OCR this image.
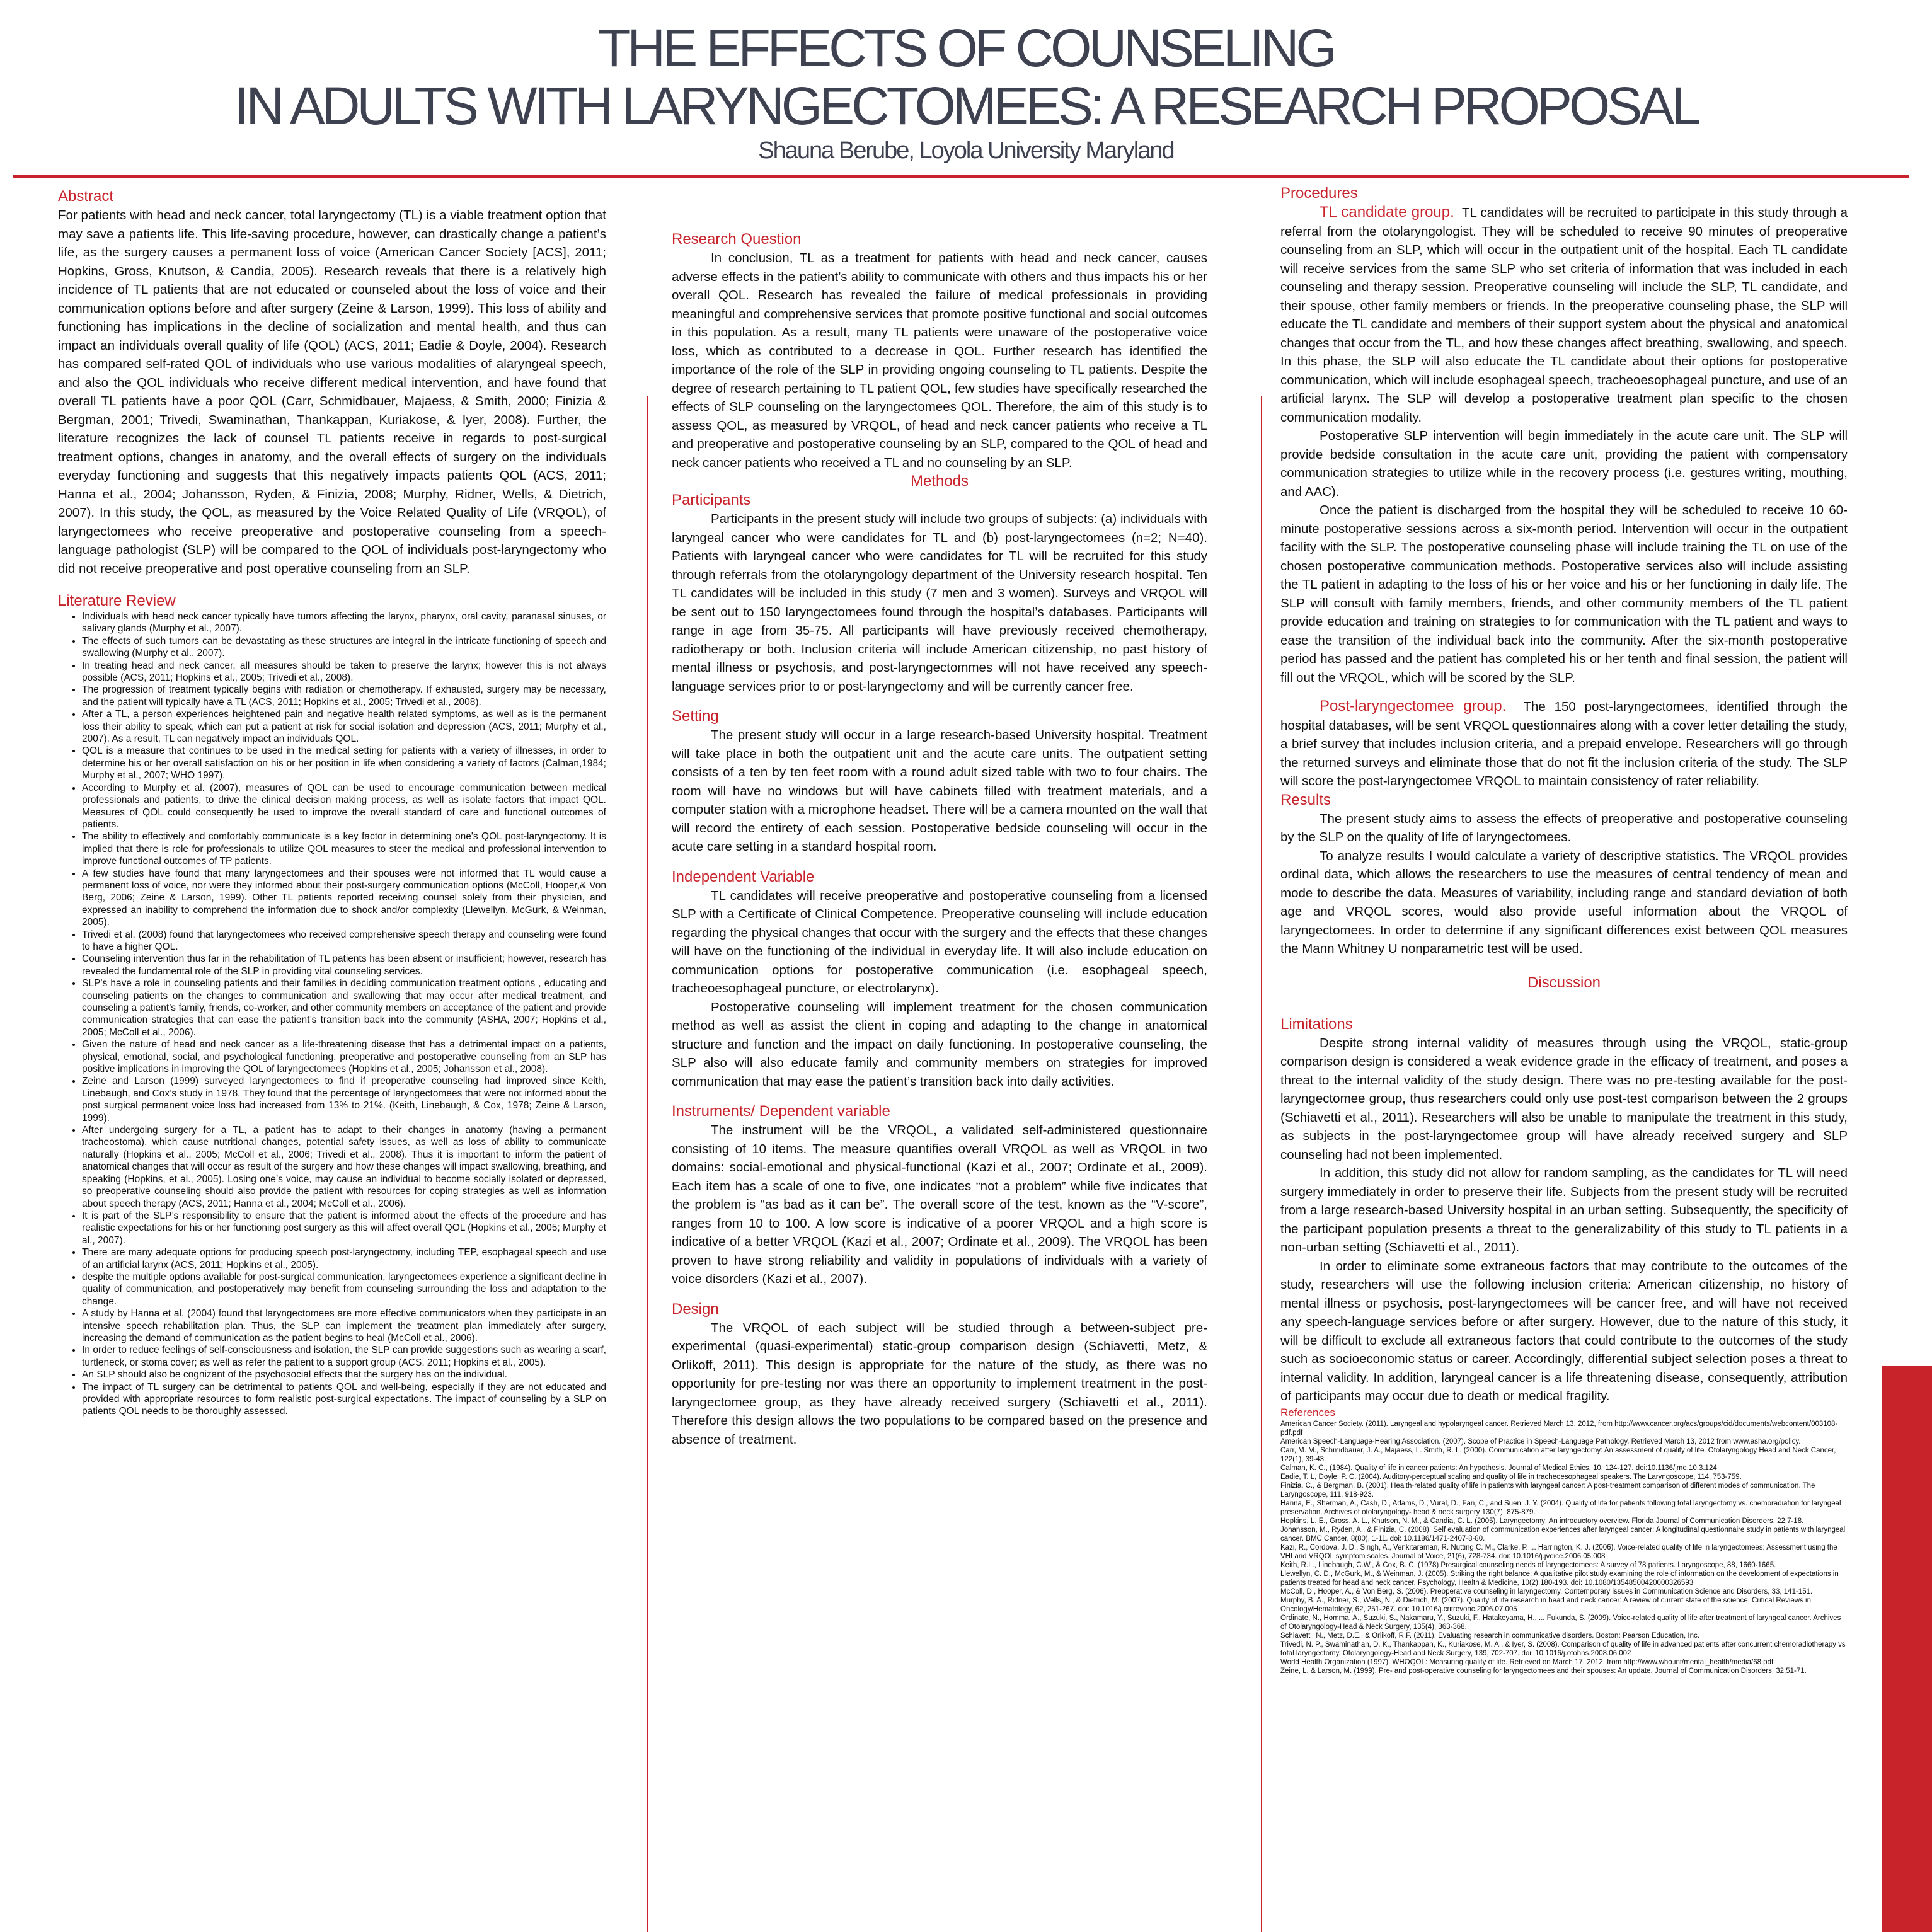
THE EFFECTS OF COUNSELING
IN ADULTS WITH LARYNGECTOMEES: A RESEARCH PROPOSAL
Shauna Berube, Loyola University Maryland
Abstract

For patients with head and neck cancer, total laryngectomy (TL) is a viable treatment option that may save a patients life. This life-saving procedure, however, can drastically change a patient’s life, as the surgery causes a permanent loss of voice (American Cancer Society [ACS], 2011; Hopkins, Gross, Knutson, & Candia, 2005). Research reveals that there is a relatively high incidence of TL patients that are not educated or counseled about the loss of voice and their communication options before and after surgery (Zeine & Larson, 1999). This loss of ability and functioning has implications in the decline of socialization and mental health, and thus can impact an individuals overall quality of life (QOL) (ACS, 2011; Eadie & Doyle, 2004). Research has compared self-rated QOL of individuals who use various modalities of alaryngeal speech, and also the QOL individuals who receive different medical intervention, and have found that overall TL patients have a poor QOL (Carr, Schmidbauer, Majaess, & Smith, 2000; Finizia & Bergman, 2001; Trivedi, Swaminathan, Thankappan, Kuriakose, & Iyer, 2008). Further, the literature recognizes the lack of counsel TL patients receive in regards to post-surgical treatment options, changes in anatomy, and the overall effects of surgery on the individuals everyday functioning and suggests that this negatively impacts patients QOL (ACS, 2011; Hanna et al., 2004; Johansson, Ryden, & Finizia, 2008; Murphy, Ridner, Wells, & Dietrich, 2007). In this study, the QOL, as measured by the Voice Related Quality of Life (VRQOL), of laryngectomees who receive preoperative and postoperative counseling from a speech-language pathologist (SLP) will be compared to the QOL of individuals post-laryngectomy who did not receive preoperative and post operative counseling from an SLP.

Literature Review
• Individuals with head neck cancer typically have tumors affecting the larynx, pharynx, oral cavity, paranasal sinuses, or salivary glands (Murphy et al., 2007).
• The effects of such tumors can be devastating as these structures are integral in the intricate functioning of speech and swallowing (Murphy et al., 2007).
• In treating head and neck cancer, all measures should be taken to preserve the larynx; however this is not always possible (ACS, 2011; Hopkins et al., 2005; Trivedi et al., 2008).
• The progression of treatment typically begins with radiation or chemotherapy. If exhausted, surgery may be necessary, and the patient will typically have a TL (ACS, 2011; Hopkins et al., 2005; Trivedi et al., 2008).
• After a TL, a person experiences heightened pain and negative health related symptoms, as well as is the permanent loss their ability to speak, which can put a patient at risk for social isolation and depression (ACS, 2011; Murphy et al., 2007). As a result, TL can negatively impact an individuals QOL.
• QOL is a measure that continues to be used in the medical setting for patients with a variety of illnesses, in order to determine his or her overall satisfaction on his or her position in life when considering a variety of factors (Calman,1984; Murphy et al., 2007; WHO 1997).
• According to Murphy et al. (2007), measures of QOL can be used to encourage communication between medical professionals and patients, to drive the clinical decision making process, as well as isolate factors that impact QOL. Measures of QOL could consequently be used to improve the overall standard of care and functional outcomes of patients.
• The ability to effectively and comfortably communicate is a key factor in determining one's QOL post-laryngectomy. It is implied that there is role for professionals to utilize QOL measures to steer the medical and professional intervention to improve functional outcomes of TP patients.
• A few studies have found that many laryngectomees and their spouses were not informed that TL would cause a permanent loss of voice, nor were they informed about their post-surgery communication options (McColl, Hooper,& Von Berg, 2006; Zeine & Larson, 1999). Other TL patients reported receiving counsel solely from their physician, and expressed an inability to comprehend the information due to shock and/or complexity (Llewellyn, McGurk, & Weinman, 2005).
• Trivedi et al. (2008) found that laryngectomees who received comprehensive speech therapy and counseling were found to have a higher QOL.
• Counseling intervention thus far in the rehabilitation of TL patients has been absent or insufficient; however, research has revealed the fundamental role of the SLP in providing vital counseling services.
• SLP’s have a role in counseling patients and their families in deciding communication treatment options , educating and counseling patients on the changes to communication and swallowing that may occur after medical treatment, and counseling a patient’s family, friends, co-worker, and other community members on acceptance of the patient and provide communication strategies that can ease the patient’s transition back into the community (ASHA, 2007; Hopkins et al., 2005; McColl et al., 2006).
• Given the nature of head and neck cancer as a life-threatening disease that has a detrimental impact on a patients, physical, emotional, social, and psychological functioning, preoperative and postoperative counseling from an SLP has positive implications in improving the QOL of laryngectomees (Hopkins et al., 2005; Johansson et al., 2008).
• Zeine and Larson (1999) surveyed laryngectomees to find if preoperative counseling had improved since Keith, Linebaugh, and Cox’s study in 1978. They found that the percentage of laryngectomees that were not informed about the post surgical permanent voice loss had increased from 13% to 21%. (Keith, Linebaugh, & Cox, 1978; Zeine & Larson, 1999).
• After undergoing surgery for a TL, a patient has to adapt to their changes in anatomy (having a permanent tracheostoma), which cause nutritional changes, potential safety issues, as well as loss of ability to communicate naturally (Hopkins et al., 2005; McColl et al., 2006; Trivedi et al., 2008). Thus it is important to inform the patient of anatomical changes that will occur as result of the surgery and how these changes will impact swallowing, breathing, and speaking (Hopkins, et al., 2005). Losing one’s voice, may cause an individual to become socially isolated or depressed, so preoperative counseling should also provide the patient with resources for coping strategies as well as information about speech therapy (ACS, 2011; Hanna et al., 2004; McColl et al., 2006).
• It is part of the SLP’s responsibility to ensure that the patient is informed about the effects of the procedure and has realistic expectations for his or her functioning post surgery as this will affect overall QOL (Hopkins et al., 2005; Murphy et al., 2007).
• There are many adequate options for producing speech post-laryngectomy, including TEP, esophageal speech and use of an artificial larynx (ACS, 2011; Hopkins et al., 2005).
• despite the multiple options available for post-surgical communication, laryngectomees experience a significant decline in quality of communication, and postoperatively may benefit from counseling surrounding the loss and adaptation to the change.
• A study by Hanna et al. (2004) found that laryngectomees are more effective communicators when they participate in an intensive speech rehabilitation plan. Thus, the SLP can implement the treatment plan immediately after surgery, increasing the demand of communication as the patient begins to heal (McColl et al., 2006).
• In order to reduce feelings of self-consciousness and isolation, the SLP can provide suggestions such as wearing a scarf, turtleneck, or stoma cover; as well as refer the patient to a support group (ACS, 2011; Hopkins et al., 2005).
• An SLP should also be cognizant of the psychosocial effects that the surgery has on the individual.
• The impact of TL surgery can be detrimental to patients QOL and well-being, especially if they are not educated and provided with appropriate resources to form realistic post-surgical expectations. The impact of counseling by a SLP on patients QOL needs to be thoroughly assessed.
Research Question

In conclusion, TL as a treatment for patients with head and neck cancer, causes adverse effects in the patient’s ability to communicate with others and thus impacts his or her overall QOL. Research has revealed the failure of medical professionals in providing meaningful and comprehensive services that promote positive functional and social outcomes in this population. As a result, many TL patients were unaware of the postoperative voice loss, which as contributed to a decrease in QOL. Further research has identified the importance of the role of the SLP in providing ongoing counseling to TL patients. Despite the degree of research pertaining to TL patient QOL, few studies have specifically researched the effects of SLP counseling on the laryngectomees QOL. Therefore, the aim of this study is to assess QOL, as measured by VRQOL, of head and neck cancer patients who receive a TL and preoperative and postoperative counseling by an SLP, compared to the QOL of head and neck cancer patients who received a TL and no counseling by an SLP.

Methods
Participants

Participants in the present study will include two groups of subjects: (a) individuals with laryngeal cancer who were candidates for TL and (b) post-laryngectomees (n=2; N=40). Patients with laryngeal cancer who were candidates for TL will be recruited for this study through referrals from the otolaryngology department of the University research hospital. Ten TL candidates will be included in this study (7 men and 3 women). Surveys and VRQOL will be sent out to 150 laryngectomees found through the hospital’s databases. Participants will range in age from 35-75. All participants will have previously received chemotherapy, radiotherapy or both. Inclusion criteria will include American citizenship, no past history of mental illness or psychosis, and post-laryngectommes will not have received any speech-language services prior to or post-laryngectomy and will be currently cancer free.

Setting

The present study will occur in a large research-based University hospital. Treatment will take place in both the outpatient unit and the acute care units. The outpatient setting consists of a ten by ten feet room with a round adult sized table with two to four chairs. The room will have no windows but will have cabinets filled with treatment materials, and a computer station with a microphone headset. There will be a camera mounted on the wall that will record the entirety of each session. Postoperative bedside counseling will occur in the acute care setting in a standard hospital room.

Independent Variable

TL candidates will receive preoperative and postoperative counseling from a licensed SLP with a Certificate of Clinical Competence. Preoperative counseling will include education regarding the physical changes that occur with the surgery and the effects that these changes will have on the functioning of the individual in everyday life. It will also include education on communication options for postoperative communication (i.e. esophageal speech, tracheoesophageal puncture, or electrolarynx).

Postoperative counseling will implement treatment for the chosen communication method as well as assist the client in coping and adapting to the change in anatomical structure and function and the impact on daily functioning. In postoperative counseling, the SLP also will also educate family and community members on strategies for improved communication that may ease the patient’s transition back into daily activities.

Instruments/ Dependent variable

The instrument will be the VRQOL, a validated self-administered questionnaire consisting of 10 items. The measure quantifies overall VRQOL as well as VRQOL in two domains: social-emotional and physical-functional (Kazi et al., 2007; Ordinate et al., 2009). Each item has a scale of one to five, one indicates “not a problem” while five indicates that the problem is “as bad as it can be”. The overall score of the test, known as the “V-score”, ranges from 10 to 100. A low score is indicative of a poorer VRQOL and a high score is indicative of a better VRQOL (Kazi et al., 2007; Ordinate et al., 2009). The VRQOL has been proven to have strong reliability and validity in populations of individuals with a variety of voice disorders (Kazi et al., 2007).

Design

The VRQOL of each subject will be studied through a between-subject pre-experimental (quasi-experimental) static-group comparison design (Schiavetti, Metz, & Orlikoff, 2011). This design is appropriate for the nature of the study, as there was no opportunity for pre-testing nor was there an opportunity to implement treatment in the post-laryngectomee group, as they have already received surgery (Schiavetti et al., 2011). Therefore this design allows the two populations to be compared based on the presence and absence of treatment.

Procedures

TL candidate group. TL candidates will be recruited to participate in this study through a referral from the otolaryngologist. They will be scheduled to receive 90 minutes of preoperative counseling from an SLP, which will occur in the outpatient unit of the hospital. Each TL candidate will receive services from the same SLP who set criteria of information that was included in each counseling and therapy session. Preoperative counseling will include the SLP, TL candidate, and their spouse, other family members or friends. In the preoperative counseling phase, the SLP will educate the TL candidate and members of their support system about the physical and anatomical changes that occur from the TL, and how these changes affect breathing, swallowing, and speech. In this phase, the SLP will also educate the TL candidate about their options for postoperative communication, which will include esophageal speech, tracheoesophageal puncture, and use of an artificial larynx. The SLP will develop a postoperative treatment plan specific to the chosen communication modality.

Postoperative SLP intervention will begin immediately in the acute care unit. The SLP will provide bedside consultation in the acute care unit, providing the patient with compensatory communication strategies to utilize while in the recovery process (i.e. gestures writing, mouthing, and AAC).

Once the patient is discharged from the hospital they will be scheduled to receive 10 60-minute postoperative sessions across a six-month period. Intervention will occur in the outpatient facility with the SLP. The postoperative counseling phase will include training the TL on use of the chosen postoperative communication methods. Postoperative services also will include assisting the TL patient in adapting to the loss of his or her voice and his or her functioning in daily life. The SLP will consult with family members, friends, and other community members of the TL patient provide education and training on strategies to for communication with the TL patient and ways to ease the transition of the individual back into the community. After the six-month postoperative period has passed and the patient has completed his or her tenth and final session, the patient will fill out the VRQOL, which will be scored by the SLP.

Post-laryngectomee group. The 150 post-laryngectomees, identified through the hospital databases, will be sent VRQOL questionnaires along with a cover letter detailing the study, a brief survey that includes inclusion criteria, and a prepaid envelope. Researchers will go through the returned surveys and eliminate those that do not fit the inclusion criteria of the study. The SLP will score the post-laryngectomee VRQOL to maintain consistency of rater reliability.

Results

The present study aims to assess the effects of preoperative and postoperative counseling by the SLP on the quality of life of laryngectomees.

To analyze results I would calculate a variety of descriptive statistics. The VRQOL provides ordinal data, which allows the researchers to use the measures of central tendency of mean and mode to describe the data. Measures of variability, including range and standard deviation of both age and VRQOL scores, would also provide useful information about the VRQOL of laryngectomees. In order to determine if any significant differences exist between QOL measures the Mann Whitney U nonparametric test will be used.

Discussion
Limitations

Despite strong internal validity of measures through using the VRQOL, static-group comparison design is considered a weak evidence grade in the efficacy of treatment, and poses a threat to the internal validity of the study design. There was no pre-testing available for the post-laryngectomee group, thus researchers could only use post-test comparison between the 2 groups (Schiavetti et al., 2011). Researchers will also be unable to manipulate the treatment in this study, as subjects in the post-laryngectomee group will have already received surgery and SLP counseling had not been implemented.

In addition, this study did not allow for random sampling, as the candidates for TL will need surgery immediately in order to preserve their life. Subjects from the present study will be recruited from a large research-based University hospital in an urban setting. Subsequently, the specificity of the participant population presents a threat to the generalizability of this study to TL patients in a non-urban setting (Schiavetti et al., 2011).

In order to eliminate some extraneous factors that may contribute to the outcomes of the study, researchers will use the following inclusion criteria: American citizenship, no history of mental illness or psychosis, post-laryngectomees will be cancer free, and will have not received any speech-language services before or after surgery. However, due to the nature of this study, it will be difficult to exclude all extraneous factors that could contribute to the outcomes of the study such as socioeconomic status or career. Accordingly, differential subject selection poses a threat to internal validity. In addition, laryngeal cancer is a life threatening disease, consequently, attribution of participants may occur due to death or medical fragility.

References
American Cancer Society. (2011). Laryngeal and hypolaryngeal cancer. Retrieved March 13, 2012, from http://www.cancer.org/acs/groups/cid/documents/webcontent/003108-pdf.pdf
American Speech-Language-Hearing Association. (2007). Scope of Practice in Speech-Language Pathology. Retrieved March 13, 2012 from www.asha.org/policy.
Carr, M. M., Schmidbauer, J. A., Majaess, L. Smith, R. L. (2000). Communication after laryngectomy: An assessment of quality of life. Otolaryngology Head and Neck Cancer, 122(1), 39-43.
Calman, K. C., (1984). Quality of life in cancer patients: An hypothesis. Journal of Medical Ethics, 10, 124-127. doi:10.1136/jme.10.3.124
Eadie, T. L, Doyle, P. C. (2004). Auditory-perceptual scaling and quality of life in tracheoesophageal speakers. The Laryngoscope, 114, 753-759.
Finizia, C., & Bergman, B. (2001). Health-related quality of life in patients with laryngeal cancer: A post-treatment comparison of different modes of communication. The Laryngoscope, 111, 918-923.
Hanna, E., Sherman, A., Cash, D., Adams, D., Vural, D., Fan, C., and Suen, J. Y. (2004). Quality of life for patients following total laryngectomy vs. chemoradiation for laryngeal preservation. Archives of otolaryngology- head & neck surgery 130(7), 875-879.
Hopkins, L. E., Gross, A. L., Knutson, N. M., & Candia, C. L. (2005). Laryngectomy: An introductory overview. Florida Journal of Communication Disorders, 22,7-18.
Johansson, M., Ryden, A., & Finizia, C. (2008). Self evaluation of communication experiences after laryngeal cancer: A longitudinal questionnaire study in patients with laryngeal cancer. BMC Cancer, 8(80), 1-11. doi: 10.1186/1471-2407-8-80.
Kazi, R., Cordova, J. D., Singh, A., Venkitaraman, R. Nutting C. M., Clarke, P. ... Harrington, K. J. (2006). Voice-related quality of life in laryngectomees: Assessment using the VHI and VRQOL symptom scales. Journal of Voice, 21(6), 728-734. doi: 10.1016/j.jvoice.2006.05.008
Keith, R.L., Linebaugh, C.W., & Cox, B. C. (1978) Presurgical counseling needs of laryngectomees: A survey of 78 patients. Laryngoscope, 88, 1660-1665.
Llewellyn, C. D., McGurk, M., & Weinman, J. (2005). Striking the right balance: A qualitative pilot study examining the role of information on the development of expectations in patients treated for head and neck cancer. Psychology, Health & Medicine, 10(2),180-193. doi: 10.1080/13548500420000326593
McColl, D., Hooper, A., & Von Berg, S. (2006). Preoperative counseling in laryngectomy. Contemporary issues in Communication Science and Disorders, 33, 141-151.
Murphy, B. A., Ridner, S., Wells, N., & Dietrich, M. (2007). Quality of life research in head and neck cancer: A review of current state of the science. Critical Reviews in Oncology/Hematology, 62, 251-267. doi: 10.1016/j.critrevonc.2006.07.005
Ordinate, N., Homma, A., Suzuki, S., Nakamaru, Y., Suzuki, F., Hatakeyama, H., ... Fukunda, S. (2009). Voice-related quality of life after treatment of laryngeal cancer. Archives of Otolaryngology-Head & Neck Surgery, 135(4), 363-368.
Schiavetti, N., Metz, D.E., & Orlikoff, R.F. (2011). Evaluating research in communicative disorders. Boston: Pearson Education, Inc.
Trivedi, N. P., Swaminathan, D. K., Thankappan, K., Kuriakose, M. A., & Iyer, S. (2008). Comparison of quality of life in advanced patients after concurrent chemoradiotherapy vs total laryngectomy. Otolaryngology-Head and Neck Surgery, 139, 702-707. doi: 10.1016/j.otohns.2008.06.002
World Health Organization (1997). WHOQOL: Measuring quality of life. Retrieved on March 17, 2012, from http://www.who.int/mental_health/media/68.pdf
Zeine, L. & Larson, M. (1999). Pre- and post-operative counseling for laryngectomees and their spouses: An update. Journal of Communication Disorders, 32,51-71.
